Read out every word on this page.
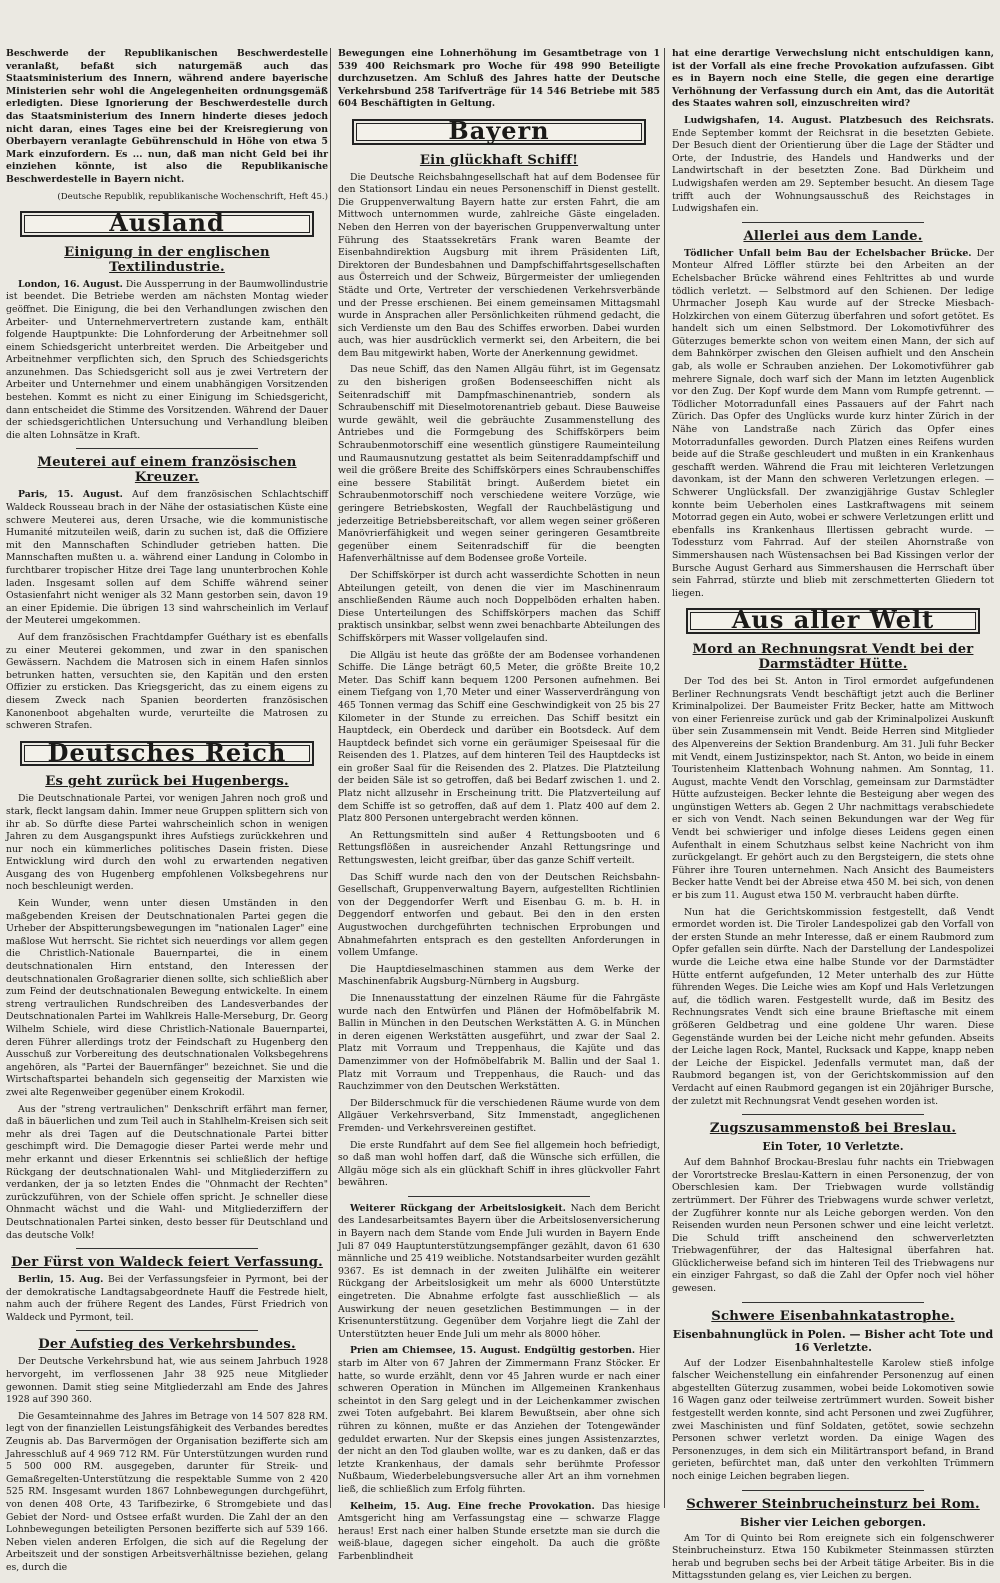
Beschwerde der Republikanischen Beschwerdestelle veranlaßt, befaßt sich naturgemäß auch das Staatsministerium des Innern, während andere bayerische Ministerien sehr wohl die Angelegenheiten ordnungsgemäß erledigten. Diese Ignorierung der Beschwerdestelle durch das Staatsministerium des Innern hinderte dieses jedoch nicht daran, eines Tages eine bei der Kreisregierung von Oberbayern veranlagte Gebührenschuld in Höhe von etwa 5 Mark einzufordern. Es ... nun, daß man nicht Geld bei ihr einziehen könnte, ist also die Republikanische Beschwerdestelle in Bayern nicht.

(Deutsche Republik, republikanische Wochenschrift, Heft 45.)

Ausland
Einigung in der englischen Textilindustrie.

London, 16. August. Die Aussperrung in der Baumwollindustrie ist beendet. Die Betriebe werden am nächsten Montag wieder geöffnet. Die Einigung, die bei den Verhandlungen zwischen den Arbeiter- und Unternehmervertretern zustande kam, enthält folgende Hauptpunkte: Die Lohnforderung der Arbeitnehmer soll einem Schiedsgericht unterbreitet werden. Die Arbeitgeber und Arbeitnehmer verpflichten sich, den Spruch des Schiedsgerichts anzunehmen. Das Schiedsgericht soll aus je zwei Vertretern der Arbeiter und Unternehmer und einem unabhängigen Vorsitzenden bestehen. Kommt es nicht zu einer Einigung im Schiedsgericht, dann entscheidet die Stimme des Vorsitzenden. Während der Dauer der schiedsgerichtlichen Untersuchung und Verhandlung bleiben die alten Lohnsätze in Kraft.

Meuterei auf einem französischen Kreuzer.

Paris, 15. August. Auf dem französischen Schlachtschiff Waldeck Rousseau brach in der Nähe der ostasiatischen Küste eine schwere Meuterei aus, deren Ursache, wie die kommunistische Humanité mitzuteilen weiß, darin zu suchen ist, daß die Offiziere mit den Mannschaften Schindluder getrieben hatten. Die Mannschaften mußten u. a. während einer Landung in Colombo in furchtbarer tropischer Hitze drei Tage lang ununterbrochen Kohle laden. Insgesamt sollen auf dem Schiffe während seiner Ostasienfahrt nicht weniger als 32 Mann gestorben sein, davon 19 an einer Epidemie. Die übrigen 13 sind wahrscheinlich im Verlauf der Meuterei umgekommen.

Auf dem französischen Frachtdampfer Guéthary ist es ebenfalls zu einer Meuterei gekommen, und zwar in den spanischen Gewässern. Nachdem die Matrosen sich in einem Hafen sinnlos betrunken hatten, versuchten sie, den Kapitän und den ersten Offizier zu ersticken. Das Kriegsgericht, das zu einem eigens zu diesem Zweck nach Spanien beorderten französischen Kanonenboot abgehalten wurde, verurteilte die Matrosen zu schweren Strafen.

Deutsches Reich
Es geht zurück bei Hugenbergs.

Die Deutschnationale Partei, vor wenigen Jahren noch groß und stark, fleckt langsam dahin. Immer neue Gruppen splittern sich von ihr ab. So dürfte diese Partei wahrscheinlich schon in wenigen Jahren zu dem Ausgangspunkt ihres Aufstiegs zurückkehren und nur noch ein kümmerliches politisches Dasein fristen. Diese Entwicklung wird durch den wohl zu erwartenden negativen Ausgang des von Hugenberg empfohlenen Volksbegehrens nur noch beschleunigt werden.

Kein Wunder, wenn unter diesen Umständen in den maßgebenden Kreisen der Deutschnationalen Partei gegen die Urheber der Abspitterungsbewegungen im "nationalen Lager" eine maßlose Wut herrscht. Sie richtet sich neuerdings vor allem gegen die Christlich-Nationale Bauernpartei, die in einem deutschnationalen Hirn entstand, den Interessen der deutschnationalen Großagrarier dienen sollte, sich schließlich aber zum Feind der deutschnationalen Bewegung entwickelte. In einem streng vertraulichen Rundschreiben des Landesverbandes der Deutschnationalen Partei im Wahlkreis Halle-Merseburg, Dr. Georg Wilhelm Schiele, wird diese Christlich-Nationale Bauernpartei, deren Führer allerdings trotz der Feindschaft zu Hugenberg den Ausschuß zur Vorbereitung des deutschnationalen Volksbegehrens angehören, als "Partei der Bauernfänger" bezeichnet. Sie und die Wirtschaftspartei behandeln sich gegenseitig der Marxisten wie zwei alte Regenweiber gegenüber einem Krokodil.

Aus der "streng vertraulichen" Denkschrift erfährt man ferner, daß in bäuerlichen und zum Teil auch in Stahlhelm-Kreisen sich seit mehr als drei Tagen auf die Deutschnationale Partei bitter geschimpft wird. Die Demagogie dieser Partei werde mehr und mehr erkannt und dieser Erkenntnis sei schließlich der heftige Rückgang der deutschnationalen Wahl- und Mitgliederziffern zu verdanken, der ja so letzten Endes die "Ohnmacht der Rechten" zurückzuführen, von der Schiele offen spricht. Je schneller diese Ohnmacht wächst und die Wahl- und Mitgliederziffern der Deutschnationalen Partei sinken, desto besser für Deutschland und das deutsche Volk!

Der Fürst von Waldeck feiert Verfassung.

Berlin, 15. Aug. Bei der Verfassungsfeier in Pyrmont, bei der der demokratische Landtagsabgeordnete Hauff die Festrede hielt, nahm auch der frühere Regent des Landes, Fürst Friedrich von Waldeck und Pyrmont, teil.

Der Aufstieg des Verkehrsbundes.

Der Deutsche Verkehrsbund hat, wie aus seinem Jahrbuch 1928 hervorgeht, im verflossenen Jahr 38 925 neue Mitglieder gewonnen. Damit stieg seine Mitgliederzahl am Ende des Jahres 1928 auf 390 360.

Die Gesamteinnahme des Jahres im Betrage von 14 507 828 RM. legt von der finanziellen Leistungsfähigkeit des Verbandes beredtes Zeugnis ab. Das Barvermögen der Organisation bezifferte sich am Jahresschluß auf 4 969 712 RM. Für Unterstützungen wurden rund 5 500 000 RM. ausgegeben, darunter für Streik- und Gemaßregelten-Unterstützung die respektable Summe von 2 420 525 RM. Insgesamt wurden 1867 Lohnbewegungen durchgeführt, von denen 408 Orte, 43 Tarifbezirke, 6 Stromgebiete und das Gebiet der Nord- und Ostsee erfaßt wurden. Die Zahl der an den Lohnbewegungen beteiligten Personen bezifferte sich auf 539 166. Neben vielen anderen Erfolgen, die sich auf die Regelung der Arbeitszeit und der sonstigen Arbeitsverhältnisse beziehen, gelang es, durch die

Bewegungen eine Lohnerhöhung im Gesamtbetrage von 1 539 400 Reichsmark pro Woche für 498 990 Beteiligte durchzusetzen. Am Schluß des Jahres hatte der Deutsche Verkehrsbund 258 Tarifverträge für 14 546 Betriebe mit 585 604 Beschäftigten in Geltung.

Bayern
Ein glückhaft Schiff!

Die Deutsche Reichsbahngesellschaft hat auf dem Bodensee für den Stationsort Lindau ein neues Personenschiff in Dienst gestellt. Die Gruppenverwaltung Bayern hatte zur ersten Fahrt, die am Mittwoch unternommen wurde, zahlreiche Gäste eingeladen. Neben den Herren von der bayerischen Gruppenverwaltung unter Führung des Staatssekretärs Frank waren Beamte der Eisenbahndirektion Augsburg mit ihrem Präsidenten Lift, Direktoren der Bundesbahnen und Dampfschiffahrtsgesellschaften aus Österreich und der Schweiz, Bürgermeister der umliegenden Städte und Orte, Vertreter der verschiedenen Verkehrsverbände und der Presse erschienen. Bei einem gemeinsamen Mittagsmahl wurde in Ansprachen aller Persönlichkeiten rühmend gedacht, die sich Verdienste um den Bau des Schiffes erworben. Dabei wurden auch, was hier ausdrücklich vermerkt sei, den Arbeitern, die bei dem Bau mitgewirkt haben, Worte der Anerkennung gewidmet.

Das neue Schiff, das den Namen Allgäu führt, ist im Gegensatz zu den bisherigen großen Bodenseeschiffen nicht als Seitenradschiff mit Dampfmaschinenantrieb, sondern als Schraubenschiff mit Dieselmotorenantrieb gebaut. Diese Bauweise wurde gewählt, weil die gebräuchte Zusammenstellung des Antriebes und die Formgebung des Schiffskörpers beim Schraubenmotorschiff eine wesentlich günstigere Raumeinteilung und Raumausnutzung gestattet als beim Seitenraddampfschiff und weil die größere Breite des Schiffskörpers eines Schraubenschiffes eine bessere Stabilität bringt. Außerdem bietet ein Schraubenmotorschiff noch verschiedene weitere Vorzüge, wie geringere Betriebskosten, Wegfall der Rauchbelästigung und jederzeitige Betriebsbereitschaft, vor allem wegen seiner größeren Manövrierfähigkeit und wegen seiner geringeren Gesamtbreite gegenüber einem Seitenradschiff für die beengten Hafenverhältnisse auf dem Bodensee große Vorteile.

Der Schiffskörper ist durch acht wasserdichte Schotten in neun Abteilungen geteilt, von denen die vier im Maschinenraum anschließenden Räume auch noch Doppelböden erhalten haben. Diese Unterteilungen des Schiffskörpers machen das Schiff praktisch unsinkbar, selbst wenn zwei benachbarte Abteilungen des Schiffskörpers mit Wasser vollgelaufen sind.

Die Allgäu ist heute das größte der am Bodensee vorhandenen Schiffe. Die Länge beträgt 60,5 Meter, die größte Breite 10,2 Meter. Das Schiff kann bequem 1200 Personen aufnehmen. Bei einem Tiefgang von 1,70 Meter und einer Wasserverdrängung von 465 Tonnen vermag das Schiff eine Geschwindigkeit von 25 bis 27 Kilometer in der Stunde zu erreichen. Das Schiff besitzt ein Hauptdeck, ein Oberdeck und darüber ein Bootsdeck. Auf dem Hauptdeck befindet sich vorne ein geräumiger Speisesaal für die Reisenden des 1. Platzes, auf dem hinteren Teil des Hauptdecks ist ein großer Saal für die Reisenden des 2. Platzes. Die Platzteilung der beiden Säle ist so getroffen, daß bei Bedarf zwischen 1. und 2. Platz nicht allzusehr in Erscheinung tritt. Die Platzverteilung auf dem Schiffe ist so getroffen, daß auf dem 1. Platz 400 auf dem 2. Platz 800 Personen untergebracht werden können.

An Rettungsmitteln sind außer 4 Rettungsbooten und 6 Rettungsflößen in ausreichender Anzahl Rettungsringe und Rettungswesten, leicht greifbar, über das ganze Schiff verteilt.

Das Schiff wurde nach den von der Deutschen Reichsbahn-Gesellschaft, Gruppenverwaltung Bayern, aufgestellten Richtlinien von der Deggendorfer Werft und Eisenbau G. m. b. H. in Deggendorf entworfen und gebaut. Bei den in den ersten Augustwochen durchgeführten technischen Erprobungen und Abnahmefahrten entsprach es den gestellten Anforderungen in vollem Umfange.

Die Hauptdieselmaschinen stammen aus dem Werke der Maschinenfabrik Augsburg-Nürnberg in Augsburg.

Die Innenausstattung der einzelnen Räume für die Fahrgäste wurde nach den Entwürfen und Plänen der Hofmöbelfabrik M. Ballin in München in den Deutschen Werkstätten A. G. in München in deren eigenen Werkstätten ausgeführt, und zwar der Saal 2. Platz mit Vorraum und Treppenhaus, die Kajüte und das Damenzimmer von der Hofmöbelfabrik M. Ballin und der Saal 1. Platz mit Vorraum und Treppenhaus, die Rauch- und das Rauchzimmer von den Deutschen Werkstätten.

Der Bilderschmuck für die verschiedenen Räume wurde von dem Allgäuer Verkehrsverband, Sitz Immenstadt, angeglichenen Fremden- und Verkehrsvereinen gestiftet.

Die erste Rundfahrt auf dem See fiel allgemein hoch befriedigt, so daß man wohl hoffen darf, daß die Wünsche sich erfüllen, die Allgäu möge sich als ein glückhaft Schiff in ihres glückvoller Fahrt bewähren.

Weiterer Rückgang der Arbeitslosigkeit. Nach dem Bericht des Landesarbeitsamtes Bayern über die Arbeitslosenversicherung in Bayern nach dem Stande vom Ende Juli wurden in Bayern Ende Juli 87 049 Hauptunterstützungsempfänger gezählt, davon 61 630 männliche und 25 419 weibliche. Notstandsarbeiter wurden gezählt 9367. Es ist demnach in der zweiten Julihälfte ein weiterer Rückgang der Arbeitslosigkeit um mehr als 6000 Unterstützte eingetreten. Die Abnahme erfolgte fast ausschließlich — als Auswirkung der neuen gesetzlichen Bestimmungen — in der Krisenunterstützung. Gegenüber dem Vorjahre liegt die Zahl der Unterstützten heuer Ende Juli um mehr als 8000 höher.

Prien am Chiemsee, 15. August. Endgültig gestorben. Hier starb im Alter von 67 Jahren der Zimmermann Franz Stöcker. Er hatte, so wurde erzählt, denn vor 45 Jahren wurde er nach einer schweren Operation in München im Allgemeinen Krankenhaus scheintot in den Sarg gelegt und in der Leichenkammer zwischen zwei Toten aufgebahrt. Bei klarem Bewußtsein, aber ohne sich rühren zu können, mußte er das Anziehen der Totengewänder geduldet erwarten. Nur der Skepsis eines jungen Assistenzarztes, der nicht an den Tod glauben wollte, war es zu danken, daß er das letzte Krankenhaus, der damals sehr berühmte Professor Nußbaum, Wiederbelebungsversuche aller Art an ihm vornehmen ließ, die schließlich zum Erfolg führten.

Kelheim, 15. Aug. Eine freche Provokation. Das hiesige Amtsgericht hing am Verfassungstag eine — schwarze Flagge heraus! Erst nach einer halben Stunde ersetzte man sie durch die weiß-blaue, dagegen sicher eingeholt. Da auch die größte Farbenblindheit

hat eine derartige Verwechslung nicht entschuldigen kann, ist der Vorfall als eine freche Provokation aufzufassen. Gibt es in Bayern noch eine Stelle, die gegen eine derartige Verhöhnung der Verfassung durch ein Amt, das die Autorität des Staates wahren soll, einzuschreiten wird?

Ludwigshafen, 14. August. Platzbesuch des Reichsrats. Ende September kommt der Reichsrat in die besetzten Gebiete. Der Besuch dient der Orientierung über die Lage der Städter und Orte, der Industrie, des Handels und Handwerks und der Landwirtschaft in der besetzten Zone. Bad Dürkheim und Ludwigshafen werden am 29. September besucht. An diesem Tage trifft auch der Wohnungsausschuß des Reichstages in Ludwigshafen ein.

Allerlei aus dem Lande.

Tödlicher Unfall beim Bau der Echelsbacher Brücke. Der Monteur Alfred Löffler stürzte bei den Arbeiten an der Echelsbacher Brücke während eines Fehltrittes ab und wurde tödlich verletzt. — Selbstmord auf den Schienen. Der ledige Uhrmacher Joseph Kau wurde auf der Strecke Miesbach-Holzkirchen von einem Güterzug überfahren und sofort getötet. Es handelt sich um einen Selbstmord. Der Lokomotivführer des Güterzuges bemerkte schon von weitem einen Mann, der sich auf dem Bahnkörper zwischen den Gleisen aufhielt und den Anschein gab, als wolle er Schrauben anziehen. Der Lokomotivführer gab mehrere Signale, doch warf sich der Mann im letzten Augenblick vor den Zug. Der Kopf wurde dem Mann vom Rumpfe getrennt. — Tödlicher Motorradunfall eines Passauers auf der Fahrt nach Zürich. Das Opfer des Unglücks wurde kurz hinter Zürich in der Nähe von Landstraße nach Zürich das Opfer eines Motorradunfalles geworden. Durch Platzen eines Reifens wurden beide auf die Straße geschleudert und mußten in ein Krankenhaus geschafft werden. Während die Frau mit leichteren Verletzungen davonkam, ist der Mann den schweren Verletzungen erlegen. — Schwerer Unglücksfall. Der zwanzigjährige Gustav Schlegler konnte beim Ueberholen eines Lastkraftwagens mit seinem Motorrad gegen ein Auto, wobei er schwere Verletzungen erlitt und ebenfalls ins Krankenhaus Illertissen gebracht wurde. — Todessturz vom Fahrrad. Auf der steilen Ahornstraße von Simmershausen nach Wüstensachsen bei Bad Kissingen verlor der Bursche August Gerhard aus Simmershausen die Herrschaft über sein Fahrrad, stürzte und blieb mit zerschmetterten Gliedern tot liegen.

Aus aller Welt
Mord an Rechnungsrat Vendt bei der Darmstädter Hütte.

Der Tod des bei St. Anton in Tirol ermordet aufgefundenen Berliner Rechnungsrats Vendt beschäftigt jetzt auch die Berliner Kriminalpolizei. Der Baumeister Fritz Becker, hatte am Mittwoch von einer Ferienreise zurück und gab der Kriminalpolizei Auskunft über sein Zusammensein mit Vendt. Beide Herren sind Mitglieder des Alpenvereins der Sektion Brandenburg. Am 31. Juli fuhr Becker mit Vendt, einem Justizinspektor, nach St. Anton, wo beide in einem Touristenheim Klattenbach Wohnung nahmen. Am Sonntag, 11. August, machte Vendt den Vorschlag, gemeinsam zur Darmstädter Hütte aufzusteigen. Becker lehnte die Besteigung aber wegen des ungünstigen Wetters ab. Gegen 2 Uhr nachmittags verabschiedete er sich von Vendt. Nach seinen Bekundungen war der Weg für Vendt bei schwieriger und infolge dieses Leidens gegen einen Aufenthalt in einem Schutzhaus selbst keine Nachricht von ihm zurückgelangt. Er gehört auch zu den Bergsteigern, die stets ohne Führer ihre Touren unternehmen. Nach Ansicht des Baumeisters Becker hatte Vendt bei der Abreise etwa 450 M. bei sich, von denen er bis zum 11. August etwa 150 M. verbraucht haben dürfte.

Nun hat die Gerichtskommission festgestellt, daß Vendt ermordet worden ist. Die Tiroler Landespolizei gab den Vorfall von der ersten Stunde an mehr Interesse, daß er einem Raubmord zum Opfer gefallen sein dürfte. Nach der Darstellung der Landespolizei wurde die Leiche etwa eine halbe Stunde vor der Darmstädter Hütte entfernt aufgefunden, 12 Meter unterhalb des zur Hütte führenden Weges. Die Leiche wies am Kopf und Hals Verletzungen auf, die tödlich waren. Festgestellt wurde, daß im Besitz des Rechnungsrates Vendt sich eine braune Brieftasche mit einem größeren Geldbetrag und eine goldene Uhr waren. Diese Gegenstände wurden bei der Leiche nicht mehr gefunden. Abseits der Leiche lagen Rock, Mantel, Rucksack und Kappe, knapp neben der Leiche der Eispickel. Jedenfalls vermutet man, daß der Raubmord begangen ist, von der Gerichtskommission auf den Verdacht auf einen Raubmord gegangen ist ein 20jähriger Bursche, der zuletzt mit Rechnungsrat Vendt gesehen worden ist.

Zugszusammenstoß bei Breslau.
Ein Toter, 10 Verletzte.

Auf dem Bahnhof Brockau-Breslau fuhr nachts ein Triebwagen der Vorortstrecke Breslau-Kattern in einen Personenzug, der von Oberschlesien kam. Der Triebwagen wurde vollständig zertrümmert. Der Führer des Triebwagens wurde schwer verletzt, der Zugführer konnte nur als Leiche geborgen werden. Von den Reisenden wurden neun Personen schwer und eine leicht verletzt. Die Schuld trifft anscheinend den schwerverletzten Triebwagenführer, der das Haltesignal überfahren hat. Glücklicherweise befand sich im hinteren Teil des Triebwagens nur ein einziger Fahrgast, so daß die Zahl der Opfer noch viel höher gewesen.

Schwere Eisenbahnkatastrophe.
Eisenbahnunglück in Polen. — Bisher acht Tote und 16 Verletzte.

Auf der Lodzer Eisenbahnhaltestelle Karolew stieß infolge falscher Weichenstellung ein einfahrender Personenzug auf einen abgestellten Güterzug zusammen, wobei beide Lokomotiven sowie 16 Wagen ganz oder teilweise zertrümmert wurden. Soweit bisher festgestellt werden konnte, sind acht Personen und zwei Zugführer, zwei Maschinisten und fünf Soldaten, getötet, sowie sechzehn Personen schwer verletzt worden. Da einige Wagen des Personenzuges, in dem sich ein Militärtransport befand, in Brand gerieten, befürchtet man, daß unter den verkohlten Trümmern noch einige Leichen begraben liegen.

Schwerer Steinbrucheinsturz bei Rom.
Bisher vier Leichen geborgen.

Am Tor di Quinto bei Rom ereignete sich ein folgenschwerer Steinbrucheinsturz. Etwa 150 Kubikmeter Steinmassen stürzten herab und begruben sechs bei der Arbeit tätige Arbeiter. Bis in die Mittagsstunden gelang es, vier Leichen zu bergen.
